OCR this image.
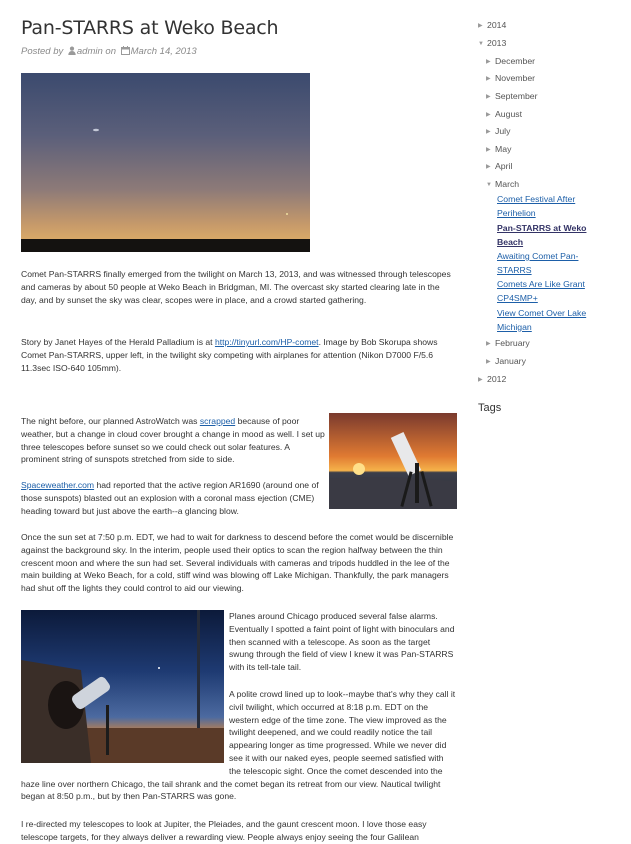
Pan-STARRS at Weko Beach
Posted by admin on March 14, 2013

Comet Pan-STARRS finally emerged from the twilight on March 13, 2013, and was witnessed through telescopes and cameras by about 50 people at Weko Beach in Bridgman, MI. The overcast sky started clearing late in the day, and by sunset the sky was clear, scopes were in place, and a crowd started gathering.

Story by Janet Hayes of the Herald Palladium is at http://tinyurl.com/HP-comet. Image by Bob Skorupa shows Comet Pan-STARRS, upper left, in the twilight sky competing with airplanes for attention (Nikon D7000 F/5.6 11.3sec ISO-640 105mm).

The night before, our planned AstroWatch was scrapped because of poor weather, but a change in cloud cover brought a change in mood as well. I set up three telescopes before sunset so we could check out solar features. A prominent string of sunspots stretched from side to side.

Spaceweather.com had reported that the active region AR1690 (around one of those sunspots) blasted out an explosion with a coronal mass ejection (CME) heading toward but just above the earth--a glancing blow.

Once the sun set at 7:50 p.m. EDT, we had to wait for darkness to descend before the comet would be discernible against the background sky. In the interim, people used their optics to scan the region halfway between the thin crescent moon and where the sun had set. Several individuals with cameras and tripods huddled in the lee of the main building at Weko Beach, for a cold, stiff wind was blowing off Lake Michigan. Thankfully, the park managers had shut off the lights they could control to aid our viewing.

Planes around Chicago produced several false alarms. Eventually I spotted a faint point of light with binoculars and then scanned with a telescope. As soon as the target swung through the field of view I knew it was Pan-STARRS with its tell-tale tail.

A polite crowd lined up to look--maybe that's why they call it civil twilight, which occurred at 8:18 p.m. EDT on the western edge of the time zone. The view improved as the twilight deepened, and we could readily notice the tail appearing longer as time progressed. While we never did see it with our naked eyes, people seemed satisfied with the telescopic sight. Once the comet descended into the haze line over northern Chicago, the tail shrank and the comet began its retreat from our view. Nautical twilight began at 8:50 p.m., but by then Pan-STARRS was gone.

I re-directed my telescopes to look at Jupiter, the Pleiades, and the gaunt crescent moon. I love those easy telescope targets, for they always deliver a rewarding view. People always enjoy seeing the four Galilean

▶ 2014
▼ 2013
▶ December
▶ November
▶ September
▶ August
▶ July
▶ May
▶ April
▼ March
Comet Festival After Perihelion
Pan-STARRS at Weko Beach
Awaiting Comet Pan-STARRS
Comets Are Like Grant CP4SMP+
View Comet Over Lake Michigan
▶ February
▶ January
▶ 2012
Tags
